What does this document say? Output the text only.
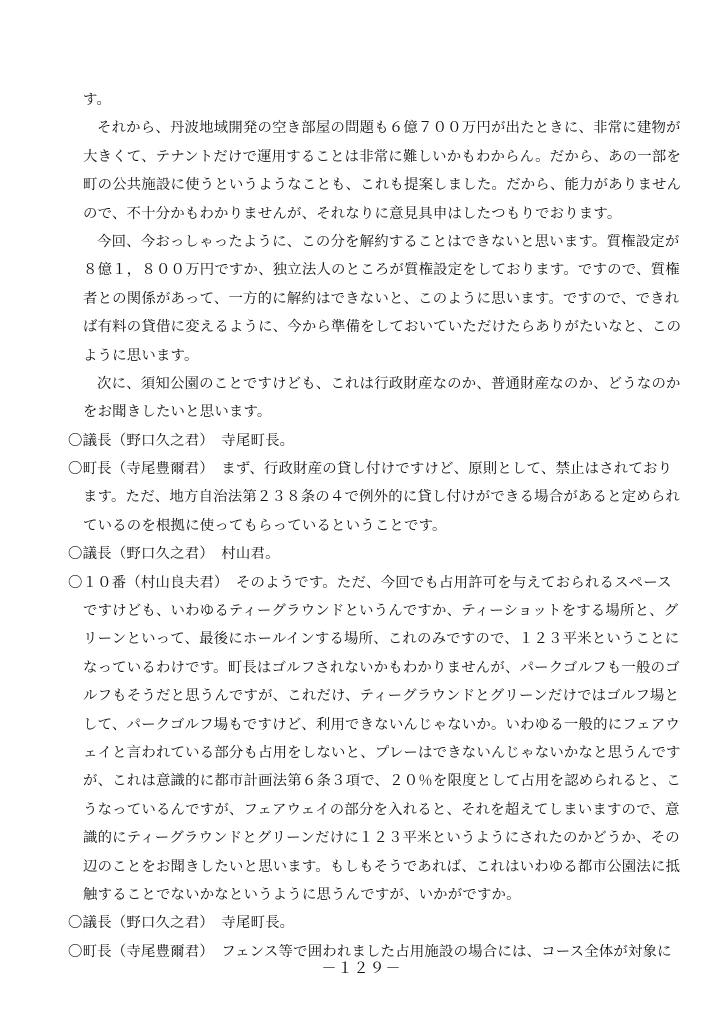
す。
それから、丹波地域開発の空き部屋の問題も６億７００万円が出たときに、非常に建物が
大きくて、テナントだけで運用することは非常に難しいかもわからん。だから、あの一部を
町の公共施設に使うというようなことも、これも提案しました。だから、能力がありません
ので、不十分かもわかりませんが、それなりに意見具申はしたつもりでおります。
今回、今おっしゃったように、この分を解約することはできないと思います。質権設定が
８億１，８００万円ですか、独立法人のところが質権設定をしております。ですので、質権
者との関係があって、一方的に解約はできないと、このように思います。ですので、できれ
ば有料の貸借に変えるように、今から準備をしておいていただけたらありがたいなと、この
ように思います。
次に、須知公園のことですけども、これは行政財産なのか、普通財産なのか、どうなのか
をお聞きしたいと思います。
〇議長（野口久之君）　寺尾町長。
〇町長（寺尾豊爾君）　まず、行政財産の貸し付けですけど、原則として、禁止はされており
ます。ただ、地方自治法第２３８条の４で例外的に貸し付けができる場合があると定められ
ているのを根拠に使ってもらっているということです。
〇議長（野口久之君）　村山君。
〇１０番（村山良夫君）　そのようです。ただ、今回でも占用許可を与えておられるスペース
ですけども、いわゆるティーグラウンドというんですか、ティーショットをする場所と、グ
リーンといって、最後にホールインする場所、これのみですので、１２３平米ということに
なっているわけです。町長はゴルフされないかもわかりませんが、パークゴルフも一般のゴ
ルフもそうだと思うんですが、これだけ、ティーグラウンドとグリーンだけではゴルフ場と
して、パークゴルフ場もですけど、利用できないんじゃないか。いわゆる一般的にフェアウ
ェイと言われている部分も占用をしないと、プレーはできないんじゃないかなと思うんです
が、これは意識的に都市計画法第６条３項で、２０％を限度として占用を認められると、こ
うなっているんですが、フェアウェイの部分を入れると、それを超えてしまいますので、意
識的にティーグラウンドとグリーンだけに１２３平米というようにされたのかどうか、その
辺のことをお聞きしたいと思います。もしもそうであれば、これはいわゆる都市公園法に抵
触することでないかなというように思うんですが、いかがですか。
〇議長（野口久之君）　寺尾町長。
〇町長（寺尾豊爾君）　フェンス等で囲われました占用施設の場合には、コース全体が対象に
－１２９－
